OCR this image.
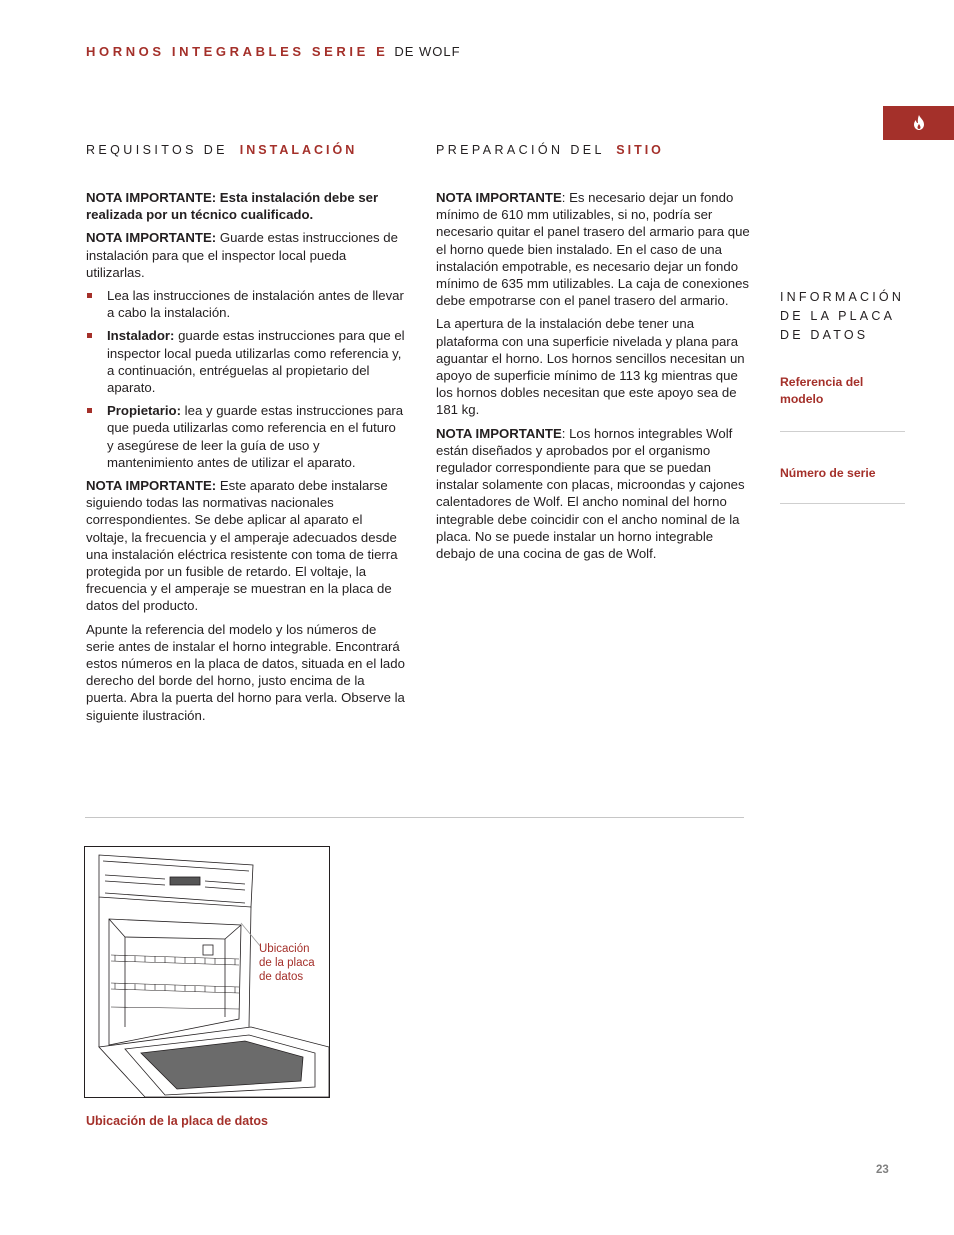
HORNOS INTEGRABLES SERIE E DE WOLF
REQUISITOS DE INSTALACIÓN

NOTA IMPORTANTE: Esta instalación debe ser realizada por un técnico cualificado.

NOTA IMPORTANTE: Guarde estas instrucciones de instalación para que el inspector local pueda utilizarlas.

Lea las instrucciones de instalación antes de llevar a cabo la instalación.
Instalador: guarde estas instrucciones para que el inspector local pueda utilizarlas como referencia y, a continuación, entréguelas al propietario del aparato.
Propietario: lea y guarde estas instrucciones para que pueda utilizarlas como referencia en el futuro y asegúrese de leer la guía de uso y mantenimiento antes de utilizar el aparato.

NOTA IMPORTANTE: Este aparato debe instalarse siguiendo todas las normativas nacionales correspondientes. Se debe aplicar al aparato el voltaje, la frecuencia y el amperaje adecuados desde una instalación eléctrica resistente con toma de tierra protegida por un fusible de retardo. El voltaje, la frecuencia y el amperaje se muestran en la placa de datos del producto.

Apunte la referencia del modelo y los números de serie antes de instalar el horno integrable. Encontrará estos números en la placa de datos, situada en el lado derecho del borde del horno, justo encima de la puerta. Abra la puerta del horno para verla. Observe la siguiente ilustración.

PREPARACIÓN DEL SITIO

NOTA IMPORTANTE: Es necesario dejar un fondo mínimo de 610 mm utilizables, si no, podría ser necesario quitar el panel trasero del armario para que el horno quede bien instalado. En el caso de una instalación empotrable, es necesario dejar un fondo mínimo de 635 mm utilizables. La caja de conexiones debe empotrarse con el panel trasero del armario.

La apertura de la instalación debe tener una plataforma con una superficie nivelada y plana para aguantar el horno. Los hornos sencillos necesitan un apoyo de superficie mínimo de 113 kg mientras que los hornos dobles necesitan que este apoyo sea de 181 kg.

NOTA IMPORTANTE: Los hornos integrables Wolf están diseñados y aprobados por el organismo regulador correspondiente para que se puedan instalar solamente con placas, microondas y cajones calentadores de Wolf. El ancho nominal del horno integrable debe coincidir con el ancho nominal de la placa. No se puede instalar un horno integrable debajo de una cocina de gas de Wolf.

INFORMACIÓN
DE LA PLACA
DE DATOS
Referencia del modelo
Número de serie
Ubicación de la placa de datos
Ubicación de la placa de datos
23
